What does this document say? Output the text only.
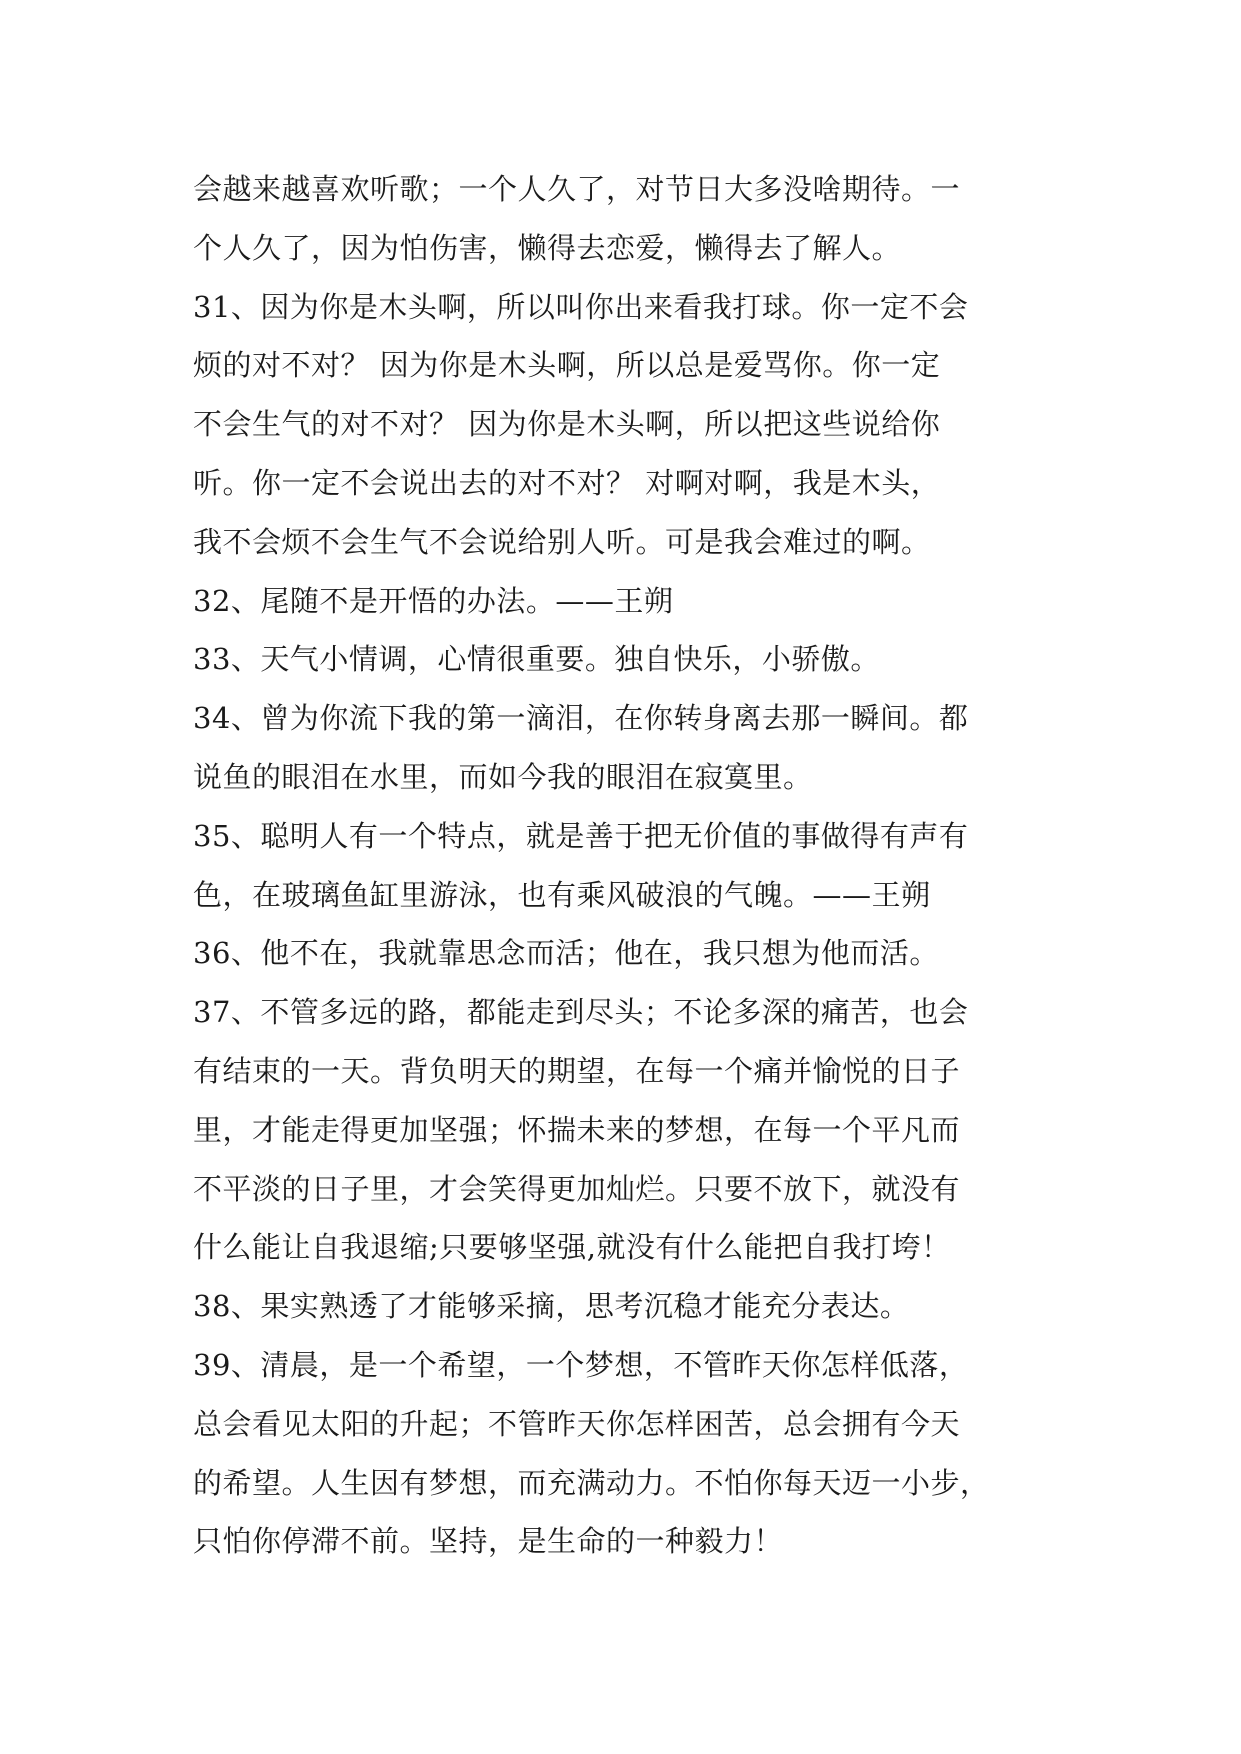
会越来越喜欢听歌；一个人久了，对节日大多没啥期待。一
个人久了，因为怕伤害，懒得去恋爱，懒得去了解人。
31、因为你是木头啊，所以叫你出来看我打球。你一定不会
烦的对不对？ 因为你是木头啊，所以总是爱骂你。你一定
不会生气的对不对？ 因为你是木头啊，所以把这些说给你
听。你一定不会说出去的对不对？ 对啊对啊，我是木头，
我不会烦不会生气不会说给别人听。可是我会难过的啊。
32、尾随不是开悟的办法。——王朔
33、天气小情调，心情很重要。独自快乐，小骄傲。
34、曾为你流下我的第一滴泪，在你转身离去那一瞬间。都
说鱼的眼泪在水里，而如今我的眼泪在寂寞里。
35、聪明人有一个特点，就是善于把无价值的事做得有声有
色，在玻璃鱼缸里游泳，也有乘风破浪的气魄。——王朔
36、他不在，我就靠思念而活；他在，我只想为他而活。
37、不管多远的路，都能走到尽头；不论多深的痛苦，也会
有结束的一天。背负明天的期望，在每一个痛并愉悦的日子
里，才能走得更加坚强；怀揣未来的梦想，在每一个平凡而
不平淡的日子里，才会笑得更加灿烂。只要不放下，就没有
什么能让自我退缩;只要够坚强,就没有什么能把自我打垮！
38、果实熟透了才能够采摘，思考沉稳才能充分表达。
39、清晨，是一个希望，一个梦想，不管昨天你怎样低落，
总会看见太阳的升起；不管昨天你怎样困苦，总会拥有今天
的希望。人生因有梦想，而充满动力。不怕你每天迈一小步，
只怕你停滞不前。坚持，是生命的一种毅力！
